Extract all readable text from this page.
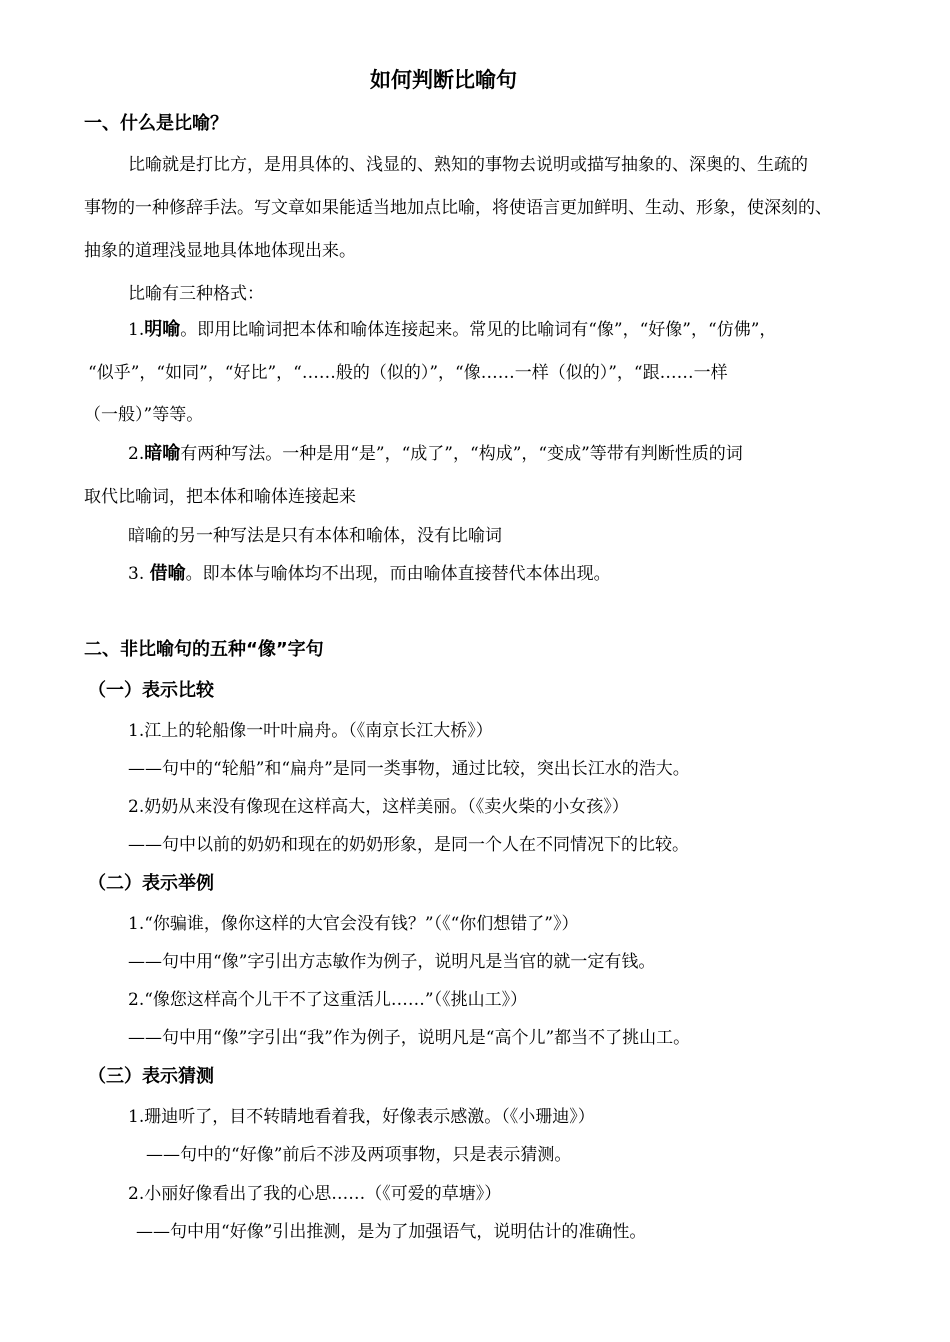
如何判断比喻句
一、什么是比喻？
比喻就是打比方，是用具体的、浅显的、熟知的事物去说明或描写抽象的、深奥的、生疏的
事物的一种修辞手法。写文章如果能适当地加点比喻，将使语言更加鲜明、生动、形象，使深刻的、
抽象的道理浅显地具体地体现出来。
比喻有三种格式：
1.明喻。即用比喻词把本体和喻体连接起来。常见的比喻词有“像”，“好像”，“仿佛”，
“似乎”，“如同”，“好比”，“……般的（似的）”，“像……一样（似的）”，“跟……一样
（一般）”等等。
2.暗喻有两种写法。一种是用“是”，“成了”，“构成”，“变成”等带有判断性质的词
取代比喻词，把本体和喻体连接起来
暗喻的另一种写法是只有本体和喻体，没有比喻词
3. 借喻。即本体与喻体均不出现，而由喻体直接替代本体出现。
二、非比喻句的五种“像”字句
（一）表示比较
1.江上的轮船像一叶叶扁舟。（《南京长江大桥》）
——句中的“轮船”和“扁舟”是同一类事物，通过比较，突出长江水的浩大。
2.奶奶从来没有像现在这样高大，这样美丽。（《卖火柴的小女孩》）
——句中以前的奶奶和现在的奶奶形象，是同一个人在不同情况下的比较。
（二）表示举例
1.“你骗谁，像你这样的大官会没有钱？”（《“你们想错了”》）
——句中用“像”字引出方志敏作为例子，说明凡是当官的就一定有钱。
2.“像您这样高个儿干不了这重活儿……”（《挑山工》）
——句中用“像”字引出“我”作为例子，说明凡是“高个儿”都当不了挑山工。
（三）表示猜测
1.珊迪听了，目不转睛地看着我，好像表示感激。（《小珊迪》）
——句中的“好像”前后不涉及两项事物，只是表示猜测。
2.小丽好像看出了我的心思……（《可爱的草塘》）
——句中用“好像”引出推测，是为了加强语气，说明估计的准确性。
